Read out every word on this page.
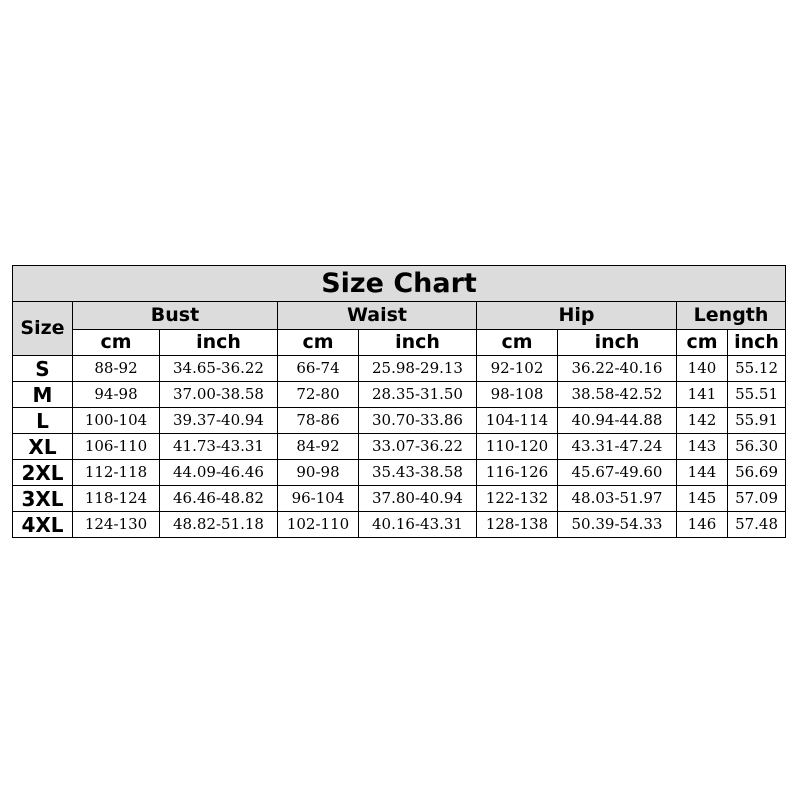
Size Chart								
Size	Bust		Waist		Hip		Length	
	cm	inch	cm	inch	cm	inch	cm	inch
S	88-92	34.65-36.22	66-74	25.98-29.13	92-102	36.22-40.16	140	55.12
M	94-98	37.00-38.58	72-80	28.35-31.50	98-108	38.58-42.52	141	55.51
L	100-104	39.37-40.94	78-86	30.70-33.86	104-114	40.94-44.88	142	55.91
XL	106-110	41.73-43.31	84-92	33.07-36.22	110-120	43.31-47.24	143	56.30
2XL	112-118	44.09-46.46	90-98	35.43-38.58	116-126	45.67-49.60	144	56.69
3XL	118-124	46.46-48.82	96-104	37.80-40.94	122-132	48.03-51.97	145	57.09
4XL	124-130	48.82-51.18	102-110	40.16-43.31	128-138	50.39-54.33	146	57.48
